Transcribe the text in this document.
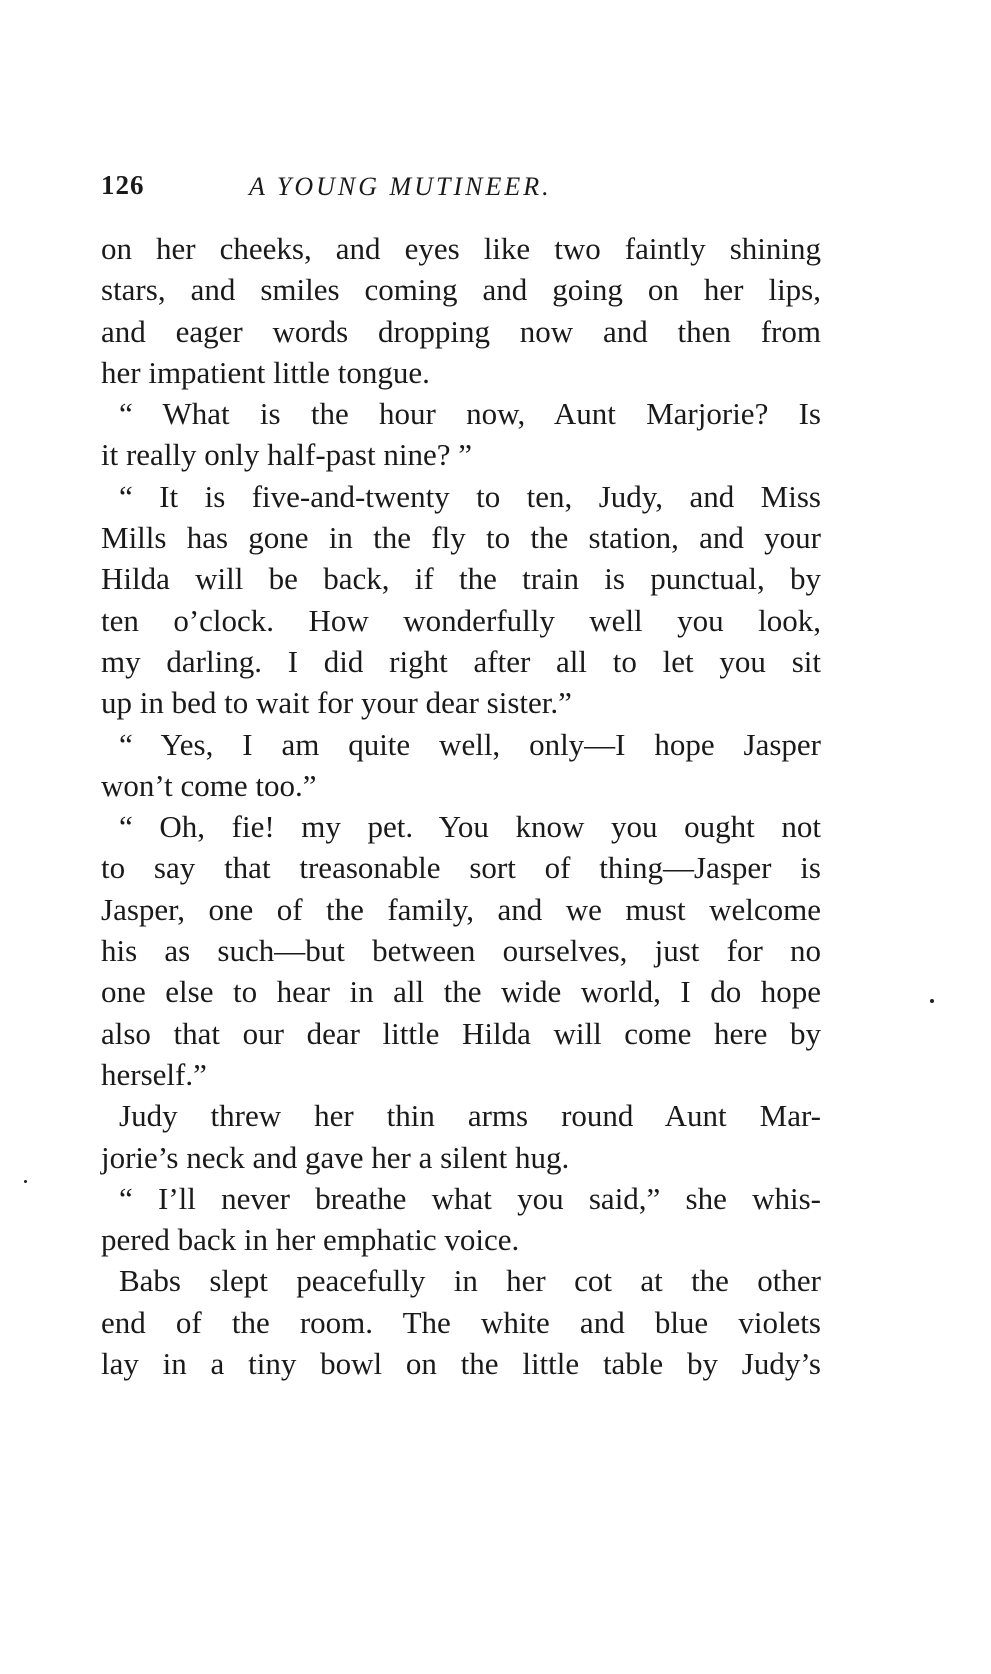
126	A YOUNG MUTINEER.
on her cheeks, and eyes like two faintly shining
stars, and smiles coming and going on her lips,
and eager words dropping now and then from
her impatient little tongue.
“ What is the hour now, Aunt Marjorie? Is
it really only half-past nine? ”
“ It is five-and-twenty to ten, Judy, and Miss
Mills has gone in the fly to the station, and your
Hilda will be back, if the train is punctual, by
ten o’clock. How wonderfully well you look,
my darling. I did right after all to let you sit
up in bed to wait for your dear sister.”
“ Yes, I am quite well, only—I hope Jasper
won’t come too.”
“ Oh, fie! my pet. You know you ought not
to say that treasonable sort of thing—Jasper is
Jasper, one of the family, and we must welcome
his as such—but between ourselves, just for no
one else to hear in all the wide world, I do hope
also that our dear little Hilda will come here by
herself.”
Judy threw her thin arms round Aunt Mar-
jorie’s neck and gave her a silent hug.
“ I’ll never breathe what you said,” she whis-
pered back in her emphatic voice.
Babs slept peacefully in her cot at the other
end of the room. The white and blue violets
lay in a tiny bowl on the little table by Judy’s
